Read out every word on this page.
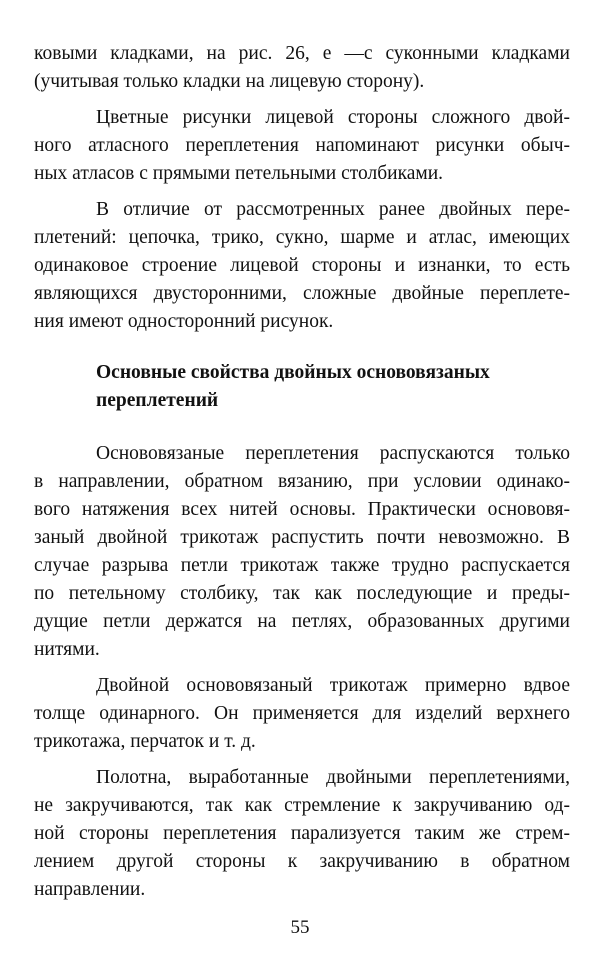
ковыми кладками, на рис. 26, е —с суконными кладками
(учитывая только кладки на лицевую сторону).
Цветные рисунки лицевой стороны сложного двой-
ного атласного переплетения напоминают рисунки обыч-
ных атласов с прямыми петельными столбиками.
В отличие от рассмотренных ранее двойных пере-
плетений: цепочка, трико, сукно, шарме и атлас, имеющих
одинаковое строение лицевой стороны и изнанки, то есть
являющихся двусторонними, сложные двойные переплете-
ния имеют односторонний рисунок.
Основные свойства двойных основовязаных
переплетений
Основовязаные переплетения распускаются только
в направлении, обратном вязанию, при условии одинако-
вого натяжения всех нитей основы. Практически основовя-
заный двойной трикотаж распустить почти невозможно. В
случае разрыва петли трикотаж также трудно распускается
по петельному столбику, так как последующие и преды-
дущие петли держатся на петлях, образованных другими
нитями.
Двойной основовязаный трикотаж примерно вдвое
толще одинарного. Он применяется для изделий верхнего
трикотажа, перчаток и т. д.
Полотна, выработанные двойными переплетениями,
не закручиваются, так как стремление к закручиванию од-
ной стороны переплетения парализуется таким же стрем-
лением другой стороны к закручиванию в обратном
направлении.
55
